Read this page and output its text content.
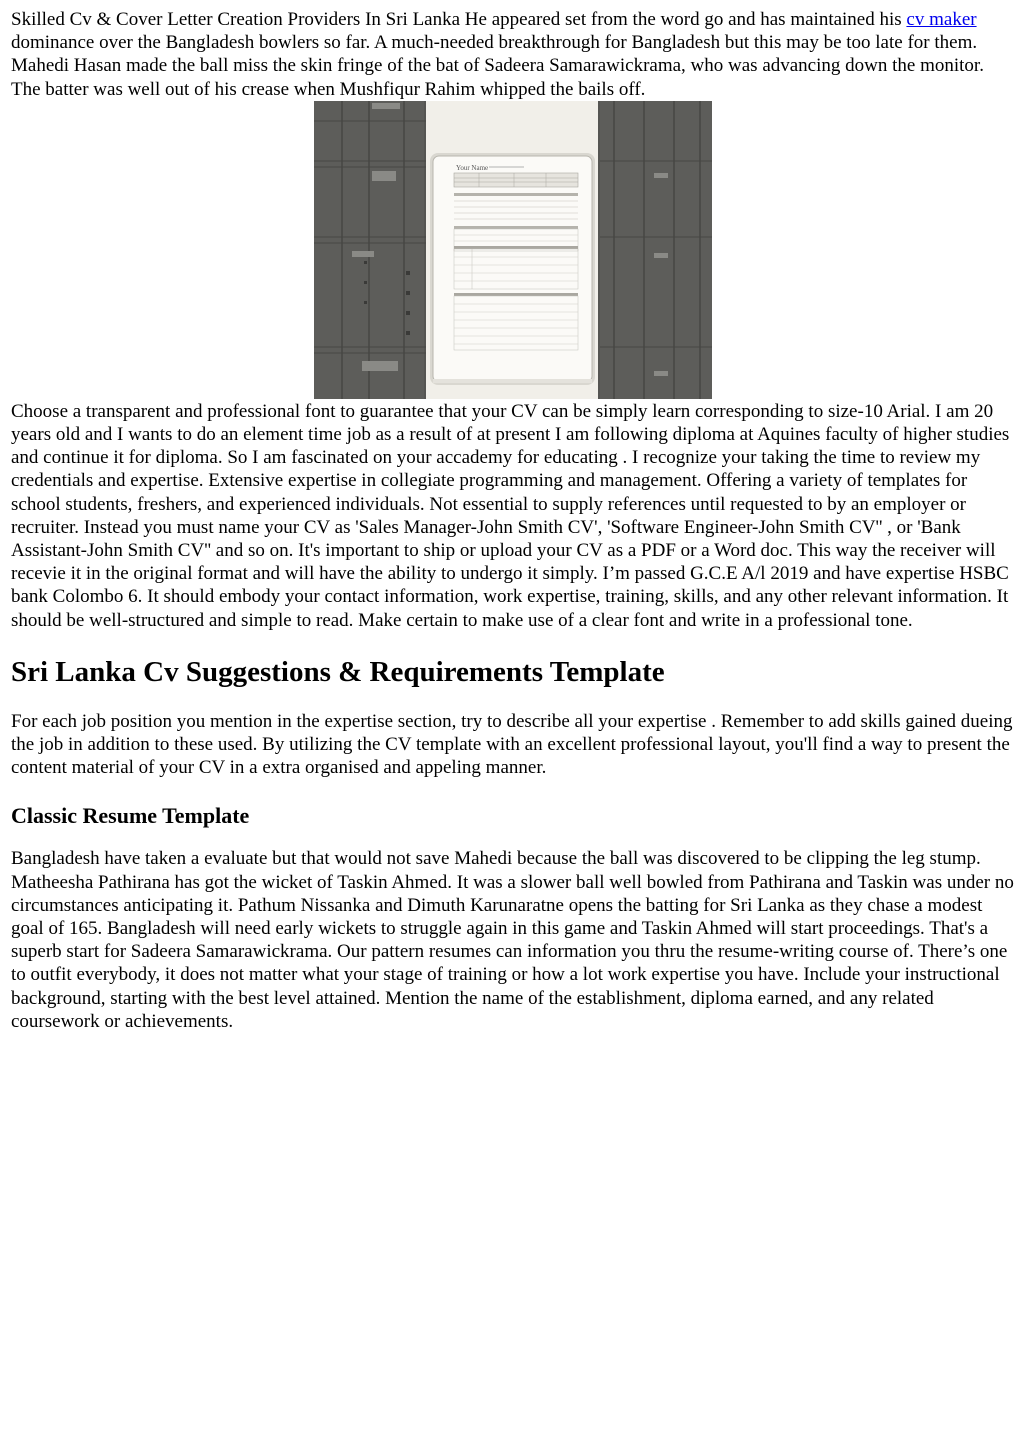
Skilled Cv & Cover Letter Creation Providers In Sri Lanka He appeared set from the word go and has maintained his cv maker dominance over the Bangladesh bowlers so far. A much-needed breakthrough for Bangladesh but this may be too late for them. Mahedi Hasan made the ball miss the skin fringe of the bat of Sadeera Samarawickrama, who was advancing down the monitor. The batter was well out of his crease when Mushfiqur Rahim whipped the bails off.

Your Name

Choose a transparent and professional font to guarantee that your CV can be simply learn corresponding to size-10 Arial. I am 20 years old and I wants to do an element time job as a result of at present I am following diploma at Aquines faculty of higher studies and continue it for diploma. So I am fascinated on your accademy for educating . I recognize your taking the time to review my credentials and expertise. Extensive expertise in collegiate programming and management. Offering a variety of templates for school students, freshers, and experienced individuals. Not essential to supply references until requested to by an employer or recruiter. Instead you must name your CV as 'Sales Manager-John Smith CV', 'Software Engineer-John Smith CV'' , or 'Bank Assistant-John Smith CV'' and so on. It's important to ship or upload your CV as a PDF or a Word doc. This way the receiver will recevie it in the original format and will have the ability to undergo it simply. I’m passed G.C.E A/l 2019 and have expertise HSBC bank Colombo 6. It should embody your contact information, work expertise, training, skills, and any other relevant information. It should be well-structured and simple to read. Make certain to make use of a clear font and write in a professional tone.

Sri Lanka Cv Suggestions & Requirements Template

For each job position you mention in the expertise section, try to describe all your expertise . Remember to add skills gained dueing the job in addition to these used. By utilizing the CV template with an excellent professional layout, you'll find a way to present the content material of your CV in a extra organised and appeling manner.

Classic Resume Template

Bangladesh have taken a evaluate but that would not save Mahedi because the ball was discovered to be clipping the leg stump. Matheesha Pathirana has got the wicket of Taskin Ahmed. It was a slower ball well bowled from Pathirana and Taskin was under no circumstances anticipating it. Pathum Nissanka and Dimuth Karunaratne opens the batting for Sri Lanka as they chase a modest goal of 165. Bangladesh will need early wickets to struggle again in this game and Taskin Ahmed will start proceedings. That's a superb start for Sadeera Samarawickrama. Our pattern resumes can information you thru the resume-writing course of. There’s one to outfit everybody, it does not matter what your stage of training or how a lot work expertise you have. Include your instructional background, starting with the best level attained. Mention the name of the establishment, diploma earned, and any related coursework or achievements.
